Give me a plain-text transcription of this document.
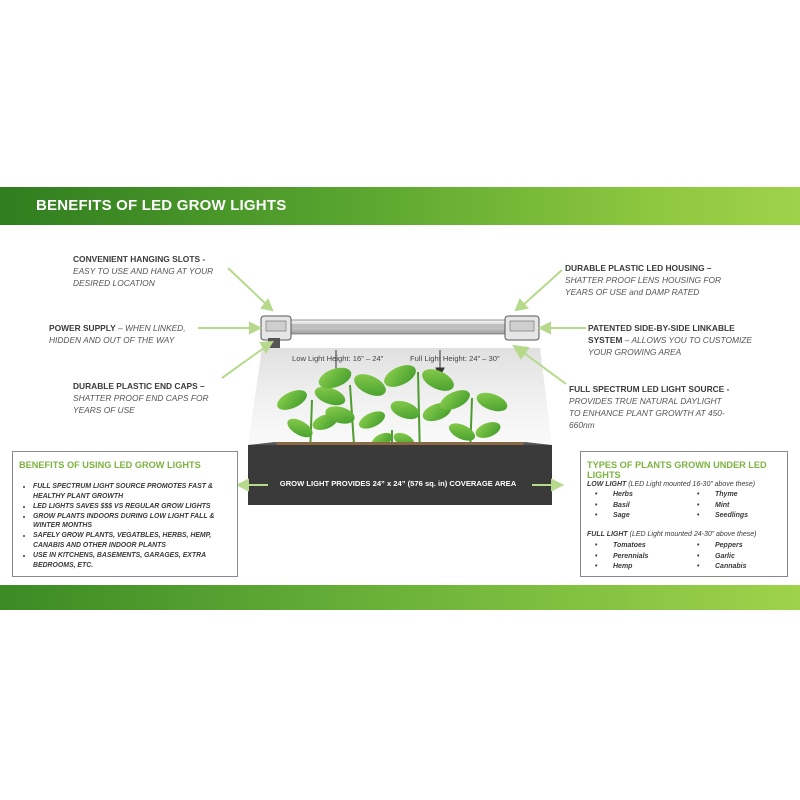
BENEFITS OF LED GROW LIGHTS
Low Light Height: 16” – 24”	Full Light Height: 24” – 30”
GROW LIGHT PROVIDES 24” x 24” (576 sq. in) COVERAGE AREA
CONVENIENT HANGING SLOTS -
EASY TO USE AND HANG AT YOUR
DESIRED LOCATION
POWER SUPPLY – WHEN LINKED,
HIDDEN AND OUT OF THE WAY
DURABLE PLASTIC END CAPS –
SHATTER PROOF END CAPS FOR
YEARS OF USE
DURABLE PLASTIC LED HOUSING –
SHATTER PROOF LENS HOUSING FOR
YEARS OF USE and DAMP RATED
PATENTED SIDE-BY-SIDE LINKABLE
SYSTEM – ALLOWS YOU TO CUSTOMIZE
YOUR GROWING AREA
FULL SPECTRUM LED LIGHT SOURCE -
PROVIDES TRUE NATURAL DAYLIGHT
TO ENHANCE PLANT GROWTH AT 450-
660nm
BENEFITS OF USING LED GROW LIGHTS
• FULL SPECTRUM LIGHT SOURCE PROMOTES FAST & HEALTHY PLANT GROWTH
• LED LIGHTS SAVES $$$ VS REGULAR GROW LIGHTS
• GROW PLANTS INDOORS DURING LOW LIGHT FALL & WINTER MONTHS
• SAFELY GROW PLANTS, VEGATBLES, HERBS, HEMP, CANABIS AND OTHER INDOOR PLANTS
• USE IN KITCHENS, BASEMENTS, GARAGES, EXTRA BEDROOMS, ETC.
TYPES OF PLANTS GROWN UNDER LED LIGHTS
LOW LIGHT (LED Light mounted 16-30” above these)
• Herbs
• Basil
• Sage
• Thyme
• Mint
• Seedlings
FULL LIGHT (LED Light mounted 24-30” above these)
• Tomatoes
• Perennials
• Hemp
• Peppers
• Garlic
• Cannabis
